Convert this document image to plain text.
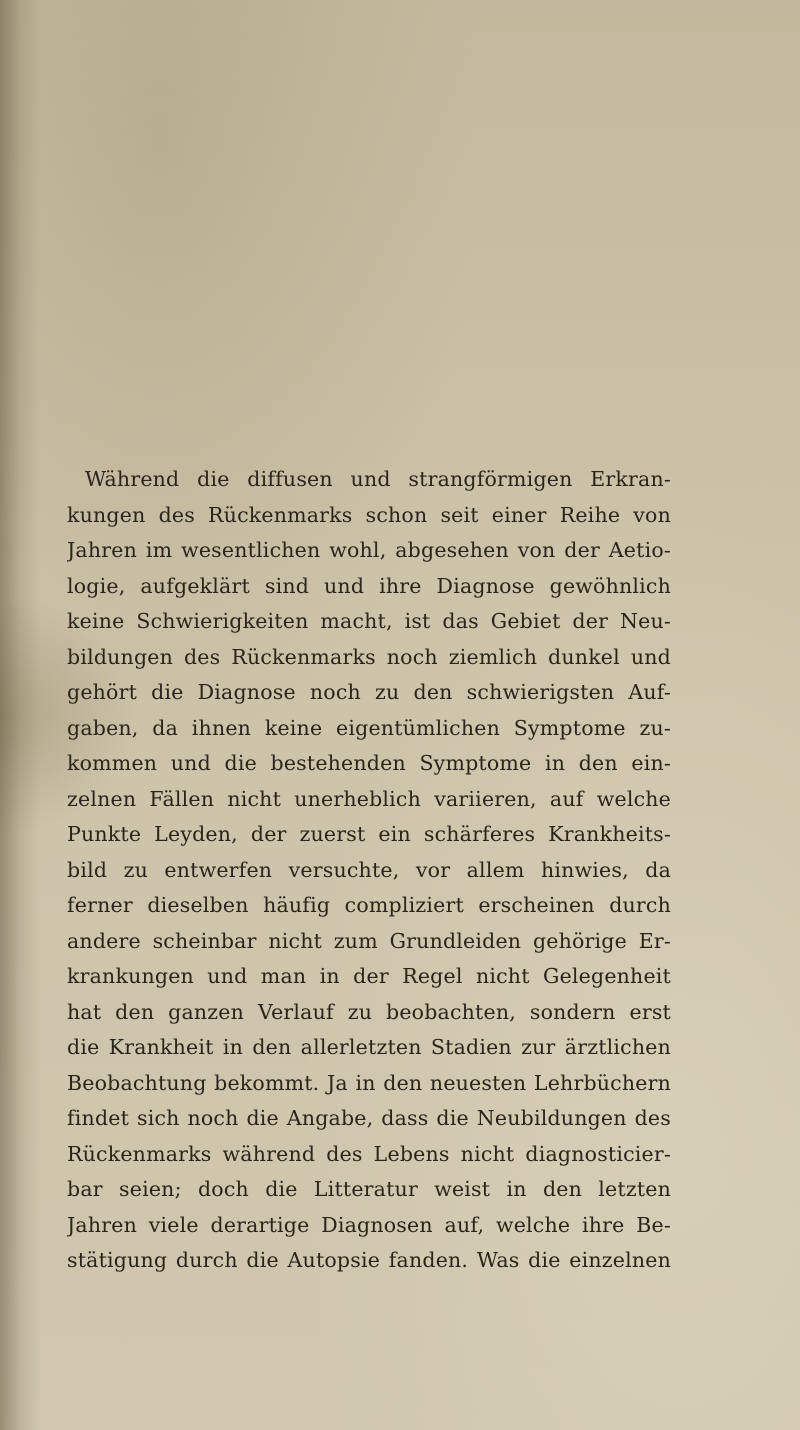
Während die diffusen und strangförmigen Erkran-
kungen des Rückenmarks schon seit einer Reihe von
Jahren im wesentlichen wohl, abgesehen von der Aetio-
logie, aufgeklärt sind und ihre Diagnose gewöhnlich
keine Schwierigkeiten macht, ist das Gebiet der Neu-
bildungen des Rückenmarks noch ziemlich dunkel und
gehört die Diagnose noch zu den schwierigsten Auf-
gaben, da ihnen keine eigentümlichen Symptome zu-
kommen und die bestehenden Symptome in den ein-
zelnen Fällen nicht unerheblich variieren, auf welche
Punkte Leyden, der zuerst ein schärferes Krankheits-
bild zu entwerfen versuchte, vor allem hinwies, da
ferner dieselben häufig compliziert erscheinen durch
andere scheinbar nicht zum Grundleiden gehörige Er-
krankungen und man in der Regel nicht Gelegenheit
hat den ganzen Verlauf zu beobachten, sondern erst
die Krankheit in den allerletzten Stadien zur ärztlichen
Beobachtung bekommt. Ja in den neuesten Lehrbüchern
findet sich noch die Angabe, dass die Neubildungen des
Rückenmarks während des Lebens nicht diagnosticier-
bar seien; doch die Litteratur weist in den letzten
Jahren viele derartige Diagnosen auf, welche ihre Be-
stätigung durch die Autopsie fanden. Was die einzelnen
